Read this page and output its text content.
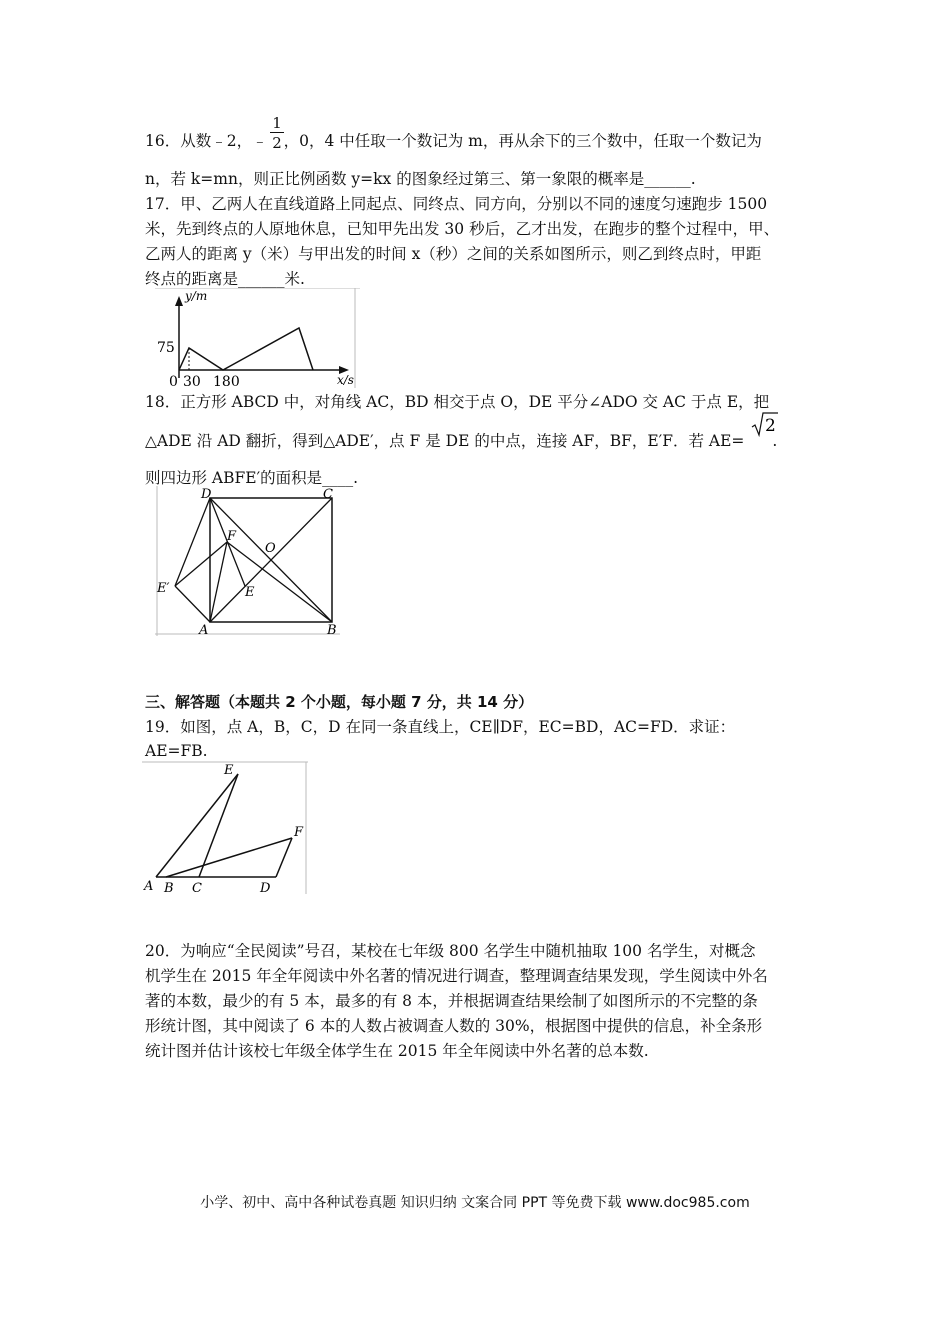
16．从数﹣2，﹣ ，0，4 中任取一个数记为 m，再从余下的三个数中，任取一个数记为
1
2
n，若 k=mn，则正比例函数 y=kx 的图象经过第三、第一象限的概率是______.
17．甲、乙两人在直线道路上同起点、同终点、同方向，分别以不同的速度匀速跑步 1500
米，先到终点的人原地休息，已知甲先出发 30 秒后，乙才出发，在跑步的整个过程中，甲、
乙两人的距离 y（米）与甲出发的时间 x（秒）之间的关系如图所示，则乙到终点时，甲距
终点的距离是______米.
y/m
x/s
75
0 30 180
18．正方形 ABCD 中，对角线 AC，BD 相交于点 O，DE 平分∠ADO 交 AC 于点 E，把
△ADE 沿 AD 翻折，得到△ADE′，点 F 是 DE 的中点，连接 AF，BF，E′F．若 AE= .
2
则四边形 ABFE′的面积是____.
D	C
F
O
E′	E
A	B
三、解答题（本题共 2 个小题，每小题 7 分，共 14 分）
19．如图，点 A，B，C，D 在同一条直线上，CE∥DF，EC=BD，AC=FD．求证：
AE=FB.
E
F
A B C	D
20．为响应“全民阅读”号召，某校在七年级 800 名学生中随机抽取 100 名学生，对概念
机学生在 2015 年全年阅读中外名著的情况进行调查，整理调查结果发现，学生阅读中外名
著的本数，最少的有 5 本，最多的有 8 本，并根据调查结果绘制了如图所示的不完整的条
形统计图，其中阅读了 6 本的人数占被调查人数的 30%，根据图中提供的信息，补全条形
统计图并估计该校七年级全体学生在 2015 年全年阅读中外名著的总本数.
小学、初中、高中各种试卷真题 知识归纳 文案合同 PPT 等免费下载 www.doc985.com
